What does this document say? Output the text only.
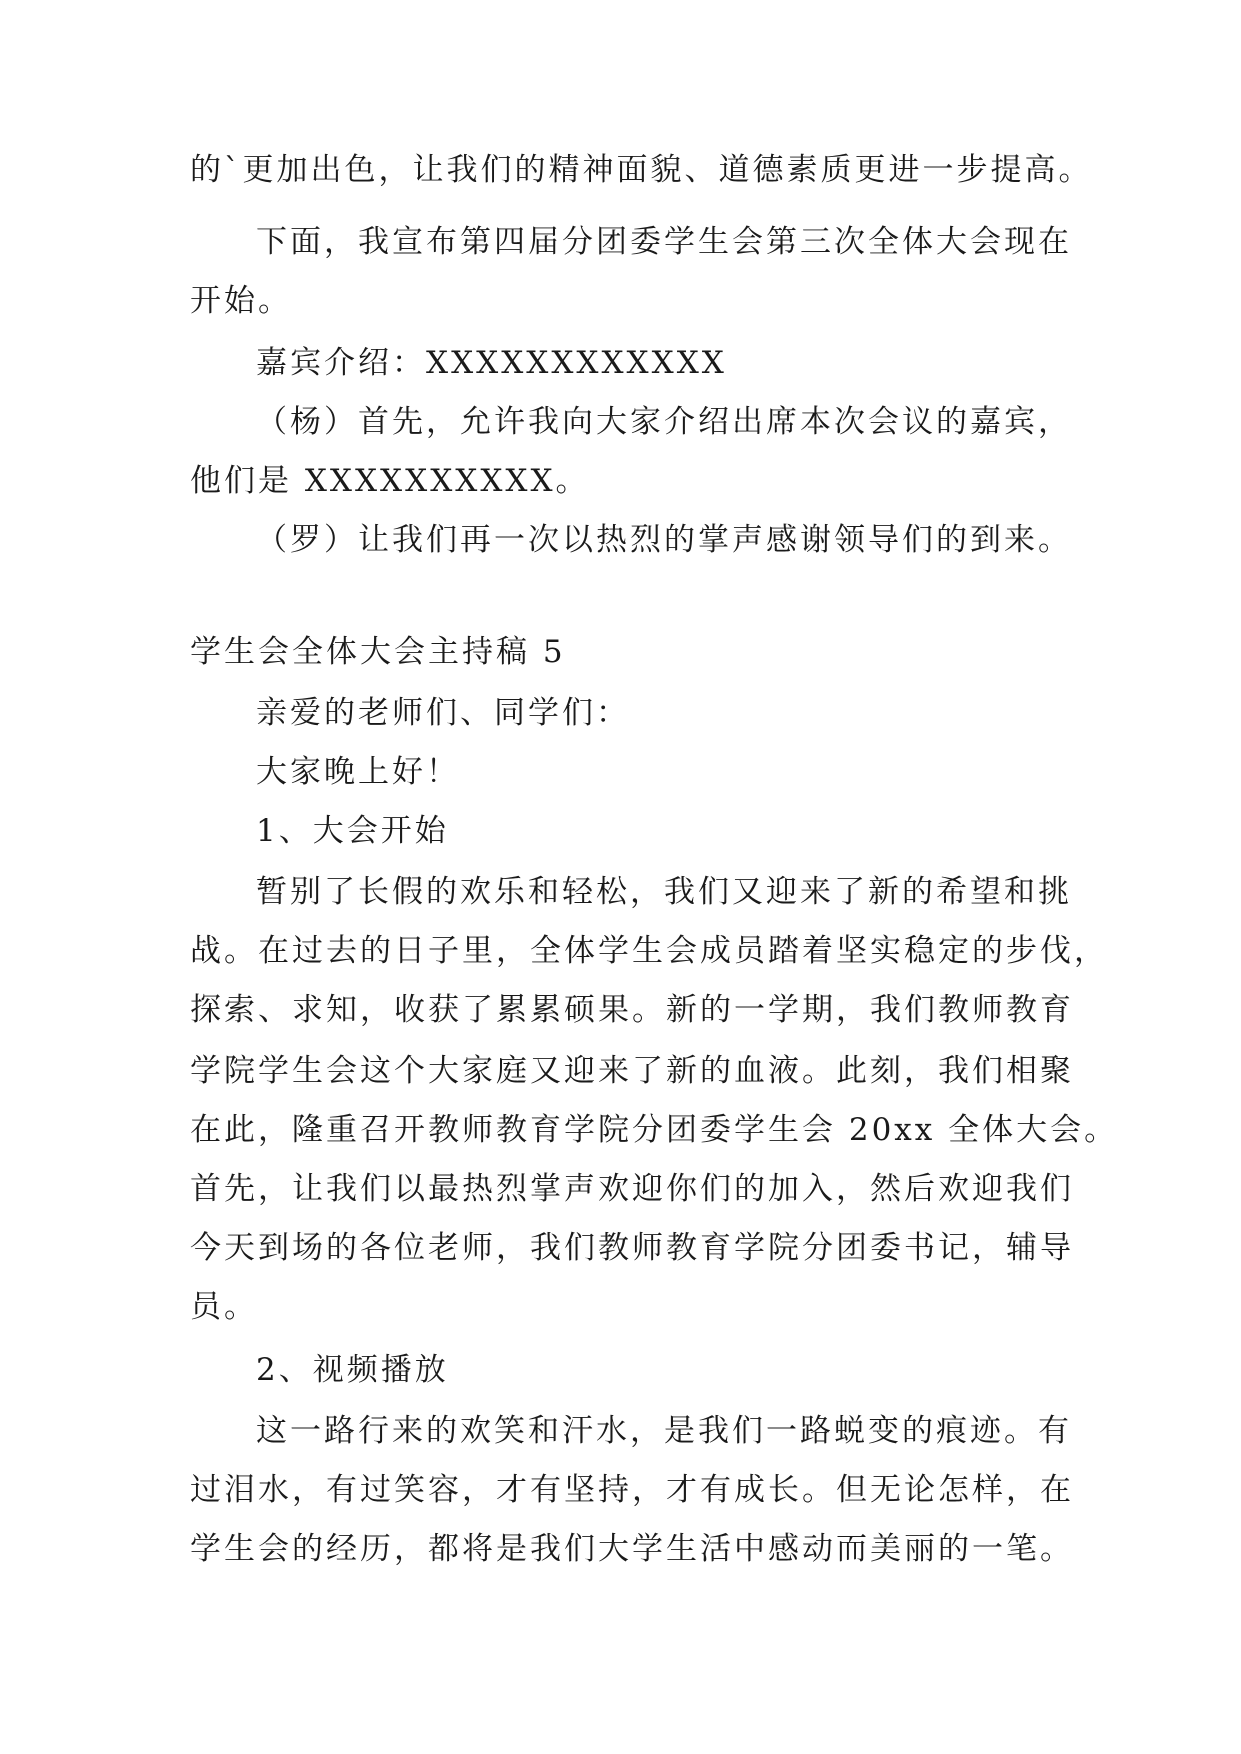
的`更加出色，让我们的精神面貌、道德素质更进一步提高。
下面，我宣布第四届分团委学生会第三次全体大会现在
开始。
嘉宾介绍：XXXXXXXXXXXX
（杨）首先，允许我向大家介绍出席本次会议的嘉宾，
他们是 XXXXXXXXXX。
（罗）让我们再一次以热烈的掌声感谢领导们的到来。
学生会全体大会主持稿 5
亲爱的老师们、同学们：
大家晚上好！
1、大会开始
暂别了长假的欢乐和轻松，我们又迎来了新的希望和挑
战。在过去的日子里，全体学生会成员踏着坚实稳定的步伐，
探索、求知，收获了累累硕果。新的一学期，我们教师教育
学院学生会这个大家庭又迎来了新的血液。此刻，我们相聚
在此，隆重召开教师教育学院分团委学生会 20xx 全体大会。
首先，让我们以最热烈掌声欢迎你们的加入，然后欢迎我们
今天到场的各位老师，我们教师教育学院分团委书记，辅导
员。
2、视频播放
这一路行来的欢笑和汗水，是我们一路蜕变的痕迹。有
过泪水，有过笑容，才有坚持，才有成长。但无论怎样，在
学生会的经历，都将是我们大学生活中感动而美丽的一笔。
